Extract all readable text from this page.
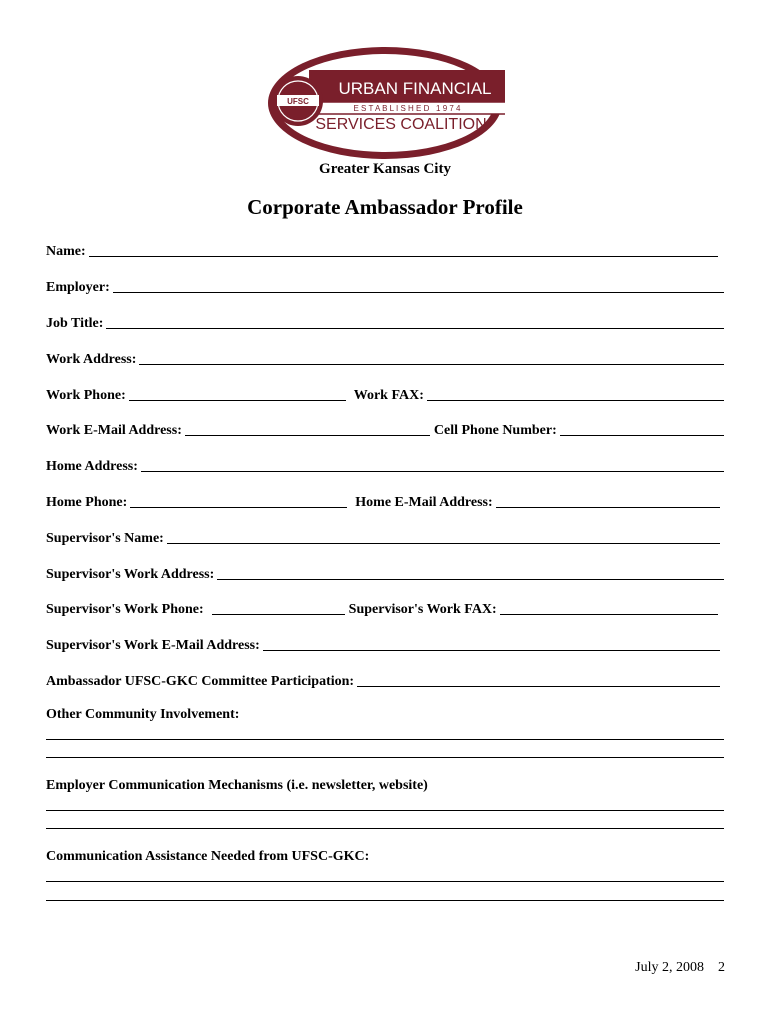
UFSC
URBAN FINANCIAL
E S T A B L I S H E D   1 9 7 4
SERVICES COALITION
Greater Kansas City
Corporate Ambassador Profile
Name:
Employer:
Job Title:
Work Address:
Work Phone:	Work FAX:
Work E-Mail Address:	Cell Phone Number:
Home Address:
Home Phone:	Home E-Mail Address:
Supervisor's Name:
Supervisor's Work Address:
Supervisor's Work Phone:	Supervisor's Work FAX:
Supervisor's Work E-Mail Address:
Ambassador UFSC-GKC Committee Participation:
Other Community Involvement:
Employer Communication Mechanisms (i.e. newsletter, website)
Communication Assistance Needed from UFSC-GKC:
July 2, 2008 2
